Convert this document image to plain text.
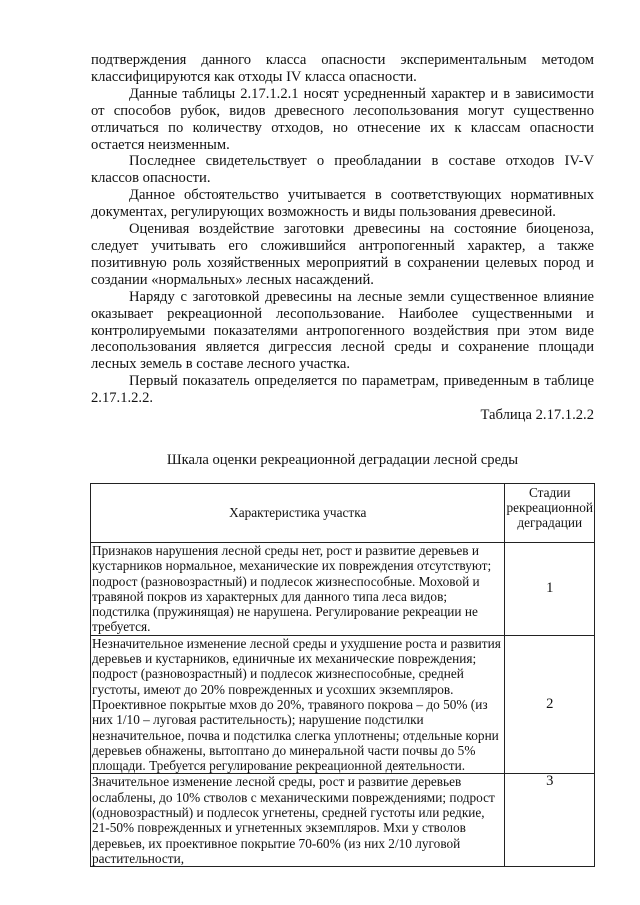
подтверждения данного класса опасности экспериментальным методом классифицируются как отходы IV класса опасности.

Данные таблицы 2.17.1.2.1 носят усредненный характер и в зависимости от способов рубок, видов древесного лесопользования могут существенно отличаться по количеству отходов, но отнесение их к классам опасности остается неизменным.

Последнее свидетельствует о преобладании в составе отходов IV-V классов опасности.

Данное обстоятельство учитывается в соответствующих нормативных документах, регулирующих возможность и виды пользования древесиной.

Оценивая воздействие заготовки древесины на состояние биоценоза, следует учитывать его сложившийся антропогенный характер, а также позитивную роль хозяйственных мероприятий в сохранении целевых пород и создании «нормальных» лесных насаждений.

Наряду с заготовкой древесины на лесные земли существенное влияние оказывает рекреационной лесопользование. Наиболее существенными и контролируемыми показателями антропогенного воздействия при этом виде лесопользования является дигрессия лесной среды и сохранение площади лесных земель в составе лесного участка.

Первый показатель определяется по параметрам, приведенным в таблице 2.17.1.2.2.

Таблица 2.17.1.2.2

Шкала оценки рекреационной деградации лесной среды

Характеристика участка	Стадии рекреационной деградации
Признаков нарушения лесной среды нет, рост и развитие деревьев и кустарников нормальное, механические их повреждения отсутствуют; подрост (разновозрастный) и подлесок жизнеспособные. Моховой и травяной покров из характерных для данного типа леса видов; подстилка (пружинящая) не нарушена. Регулирование рекреации не требуется.	1
Незначительное изменение лесной среды и ухудшение роста и развития деревьев и кустарников, единичные их механические повреждения; подрост (разновозрастный) и подлесок жизнеспособные, средней густоты, имеют до 20% поврежденных и усохших экземпляров. Проективное покрытые мхов до 20%, травяного покрова – до 50% (из них 1/10 – луговая растительность); нарушение подстилки незначительное, почва и подстилка слегка уплотнены; отдельные корни деревьев обнажены, вытоптано до минеральной части почвы до 5% площади. Требуется регулирование рекреационной деятельности.	2
Значительное изменение лесной среды, рост и развитие деревьев ослаблены, до 10% стволов с механическими повреждениями; подрост (одновозрастный) и подлесок угнетены, средней густоты или редкие, 21-50% поврежденных и угнетенных экземпляров. Мхи у стволов деревьев, их проективное покрытие 70-60% (из них 2/10 луговой растительности,	3
